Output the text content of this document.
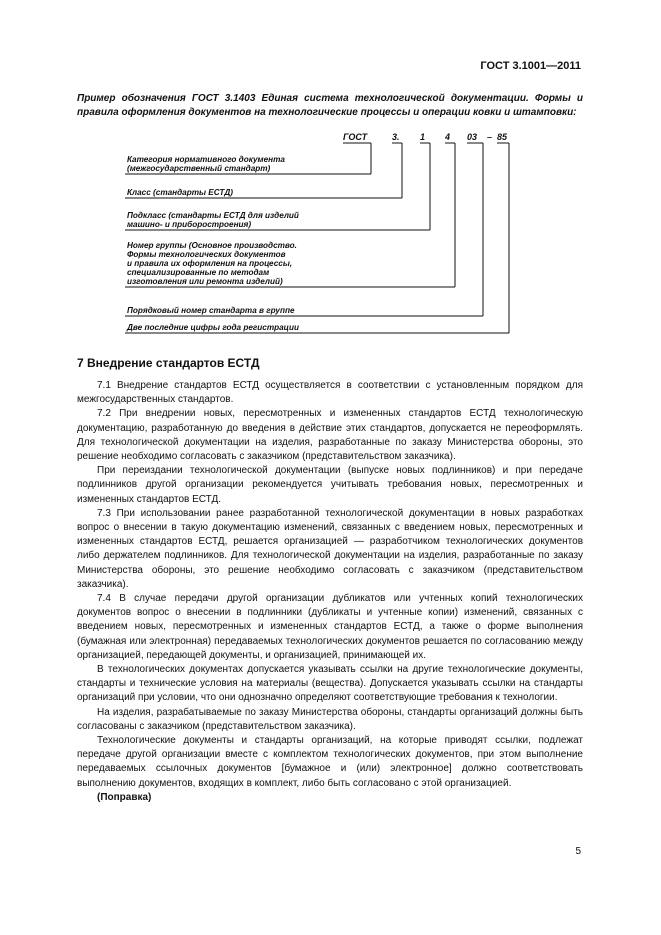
ГОСТ 3.1001—2011
Пример обозначения ГОСТ 3.1403 Единая система технологической документации. Формы и правила оформления документов на технологические процессы и операции ковки и штамповки:
ГОСТ	3. 1 4 03 – 85
Категория нормативного документа
(межгосударственный стандарт)
Класс (стандарты ЕСТД)
Подкласс (стандарты ЕСТД для изделий
машино- и приборостроения)
Номер группы (Основное производство.
Формы технологических документов
и правила их оформления на процессы,
специализированные по методам
изготовления или ремонта изделий)
Порядковый номер стандарта в группе
Две последние цифры года регистрации
7 Внедрение стандартов ЕСТД

7.1 Внедрение стандартов ЕСТД осуществляется в соответствии с установленным порядком для межгосударственных стандартов.

7.2 При внедрении новых, пересмотренных и измененных стандартов ЕСТД технологическую документацию, разработанную до введения в действие этих стандартов, допускается не переоформлять. Для технологической документации на изделия, разработанные по заказу Министерства обороны, это решение необходимо согласовать с заказчиком (представительством заказчика).

При переиздании технологической документации (выпуске новых подлинников) и при передаче подлинников другой организации рекомендуется учитывать требования новых, пересмотренных и измененных стандартов ЕСТД.

7.3 При использовании ранее разработанной технологической документации в новых разработках вопрос о внесении в такую документацию изменений, связанных с введением новых, пересмотренных и измененных стандартов ЕСТД, решается организацией — разработчиком технологических документов либо держателем подлинников. Для технологической документации на изделия, разработанные по заказу Министерства обороны, это решение необходимо согласовать с заказчиком (представительством заказчика).

7.4 В случае передачи другой организации дубликатов или учтенных копий технологических документов вопрос о внесении в подлинники (дубликаты и учтенные копии) изменений, связанных с введением новых, пересмотренных и измененных стандартов ЕСТД, а также о форме выполнения (бумажная или электронная) передаваемых технологических документов решается по согласованию между организацией, передающей документы, и организацией, принимающей их.

В технологических документах допускается указывать ссылки на другие технологические документы, стандарты и технические условия на материалы (вещества). Допускается указывать ссылки на стандарты организаций при условии, что они однозначно определяют соответствующие требования к технологии.

На изделия, разрабатываемые по заказу Министерства обороны, стандарты организаций должны быть согласованы с заказчиком (представительством заказчика).

Технологические документы и стандарты организаций, на которые приводят ссылки, подлежат передаче другой организации вместе с комплектом технологических документов, при этом выполнение передаваемых ссылочных документов [бумажное и (или) электронное] должно соответствовать выполнению документов, входящих в комплект, либо быть согласовано с этой организацией.

(Поправка)

5
